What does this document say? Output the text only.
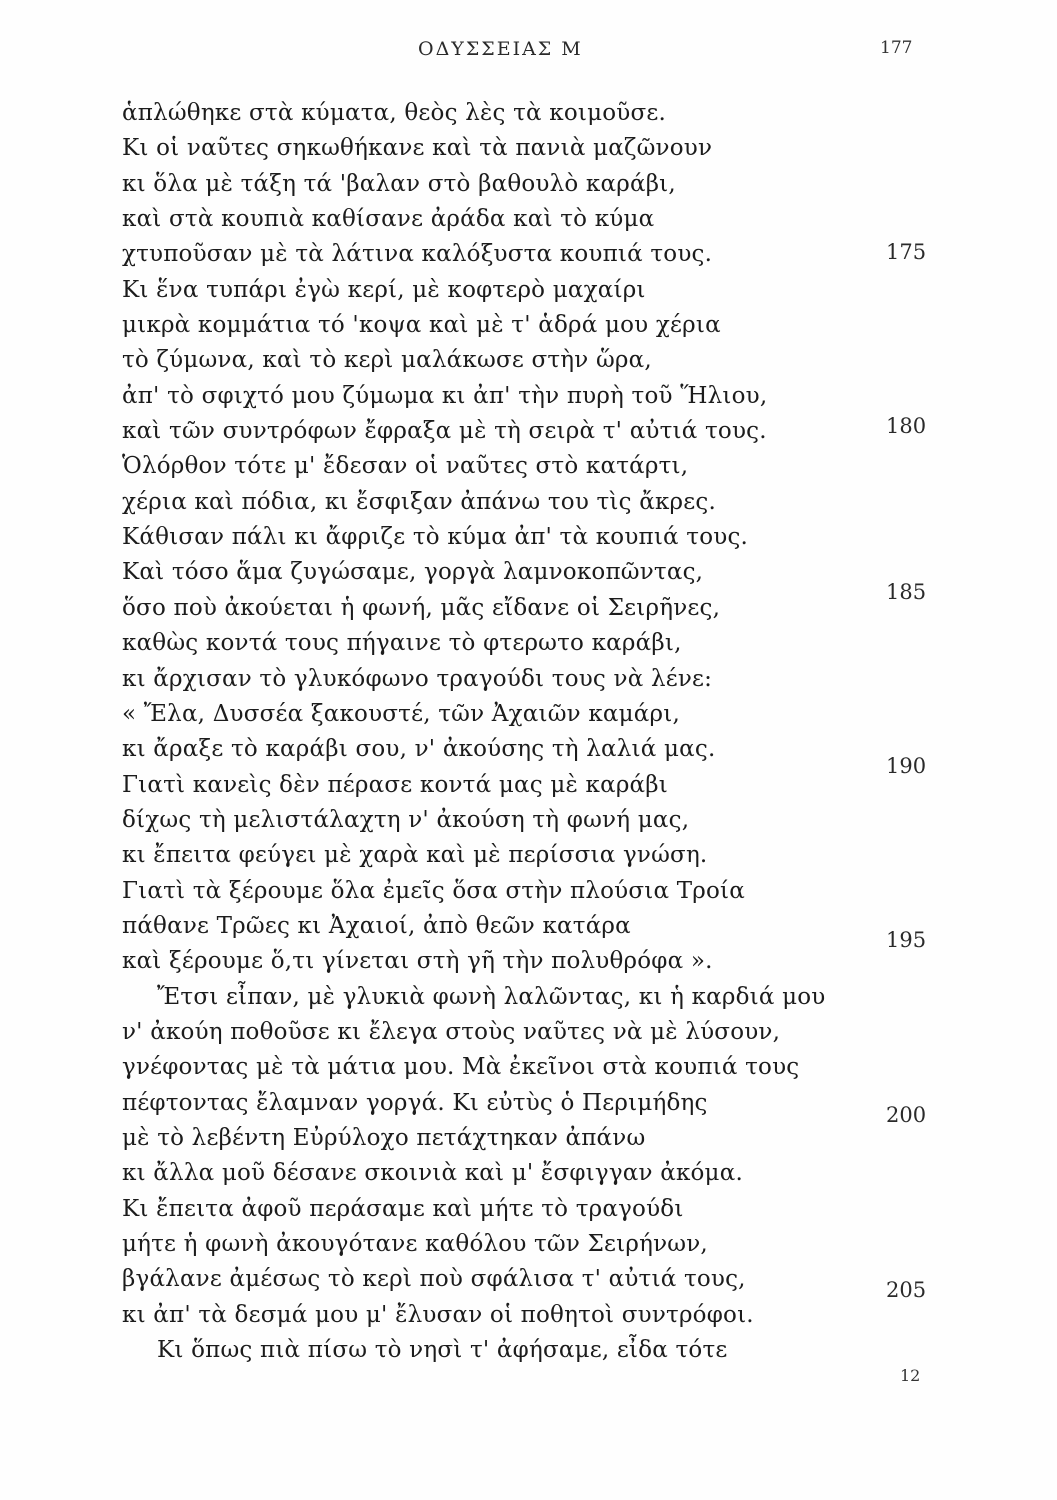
ΟΔΥΣΣΕΙΑΣ Μ	177
ἁπλώθηκε στὰ κύματα, θεὸς λὲς τὰ κοιμοῦσε.
Κι οἱ ναῦτες σηκωθήκανε καὶ τὰ πανιὰ μαζῶνουν
κι ὅλα μὲ τάξη τά 'βαλαν στὸ βαθουλὸ καράβι,
καὶ στὰ κουπιὰ καθίσανε ἀράδα καὶ τὸ κύμα
χτυποῦσαν μὲ τὰ λάτινα καλόξυστα κουπιά τους.
Κι ἕνα τυπάρι ἐγὼ κερί, μὲ κοφτερὸ μαχαίρι
μικρὰ κομμάτια τό 'κοψα καὶ μὲ τ' ἁδρά μου χέρια
τὸ ζύμωνα, καὶ τὸ κερὶ μαλάκωσε στὴν ὥρα,
ἀπ' τὸ σφιχτό μου ζύμωμα κι ἀπ' τὴν πυρὴ τοῦ Ἥλιου,
καὶ τῶν συντρόφων ἔφραξα μὲ τὴ σειρὰ τ' αὐτιά τους.
Ὁλόρθον τότε μ' ἔδεσαν οἱ ναῦτες στὸ κατάρτι,
χέρια καὶ πόδια, κι ἔσφιξαν ἀπάνω του τὶς ἄκρες.
Κάθισαν πάλι κι ἄφριζε τὸ κύμα ἀπ' τὰ κουπιά τους.
Καὶ τόσο ἅμα ζυγώσαμε, γοργὰ λαμνοκοπῶντας,
ὅσο ποὺ ἀκούεται ἡ φωνή, μᾶς εἴδανε οἱ Σειρῆνες,
καθὼς κοντά τους πήγαινε τὸ φτερωτο καράβι,
κι ἄρχισαν τὸ γλυκόφωνο τραγούδι τους νὰ λένε:
« Ἔλα, Δυσσέα ξακουστέ, τῶν Ἀχαιῶν καμάρι,
κι ἄραξε τὸ καράβι σου, ν' ἀκούσης τὴ λαλιά μας.
Γιατὶ κανεὶς δὲν πέρασε κοντά μας μὲ καράβι
δίχως τὴ μελιστάλαχτη ν' ἀκούση τὴ φωνή μας,
κι ἔπειτα φεύγει μὲ χαρὰ καὶ μὲ περίσσια γνώση.
Γιατὶ τὰ ξέρουμε ὅλα ἐμεῖς ὅσα στὴν πλούσια Τροία
πάθανε Τρῶες κι Ἀχαιοί, ἀπὸ θεῶν κατάρα
καὶ ξέρουμε ὅ,τι γίνεται στὴ γῆ τὴν πολυθρόφα ».
Ἔτσι εἶπαν, μὲ γλυκιὰ φωνὴ λαλῶντας, κι ἡ καρδιά μου
ν' ἀκούη ποθοῦσε κι ἔλεγα στοὺς ναῦτες νὰ μὲ λύσουν,
γνέφοντας μὲ τὰ μάτια μου. Μὰ ἐκεῖνοι στὰ κουπιά τους
πέφτοντας ἔλαμναν γοργά. Κι εὐτὺς ὁ Περιμήδης
μὲ τὸ λεβέντη Εὐρύλοχο πετάχτηκαν ἀπάνω
κι ἄλλα μοῦ δέσανε σκοινιὰ καὶ μ' ἔσφιγγαν ἀκόμα.
Κι ἔπειτα ἀφοῦ περάσαμε καὶ μήτε τὸ τραγούδι
μήτε ἡ φωνὴ ἀκουγότανε καθόλου τῶν Σειρήνων,
βγάλανε ἀμέσως τὸ κερὶ ποὺ σφάλισα τ' αὐτιά τους,
κι ἀπ' τὰ δεσμά μου μ' ἔλυσαν οἱ ποθητοὶ συντρόφοι.
Κι ὅπως πιὰ πίσω τὸ νησὶ τ' ἀφήσαμε, εἶδα τότε
175
180
185
190
195
200
205
12
